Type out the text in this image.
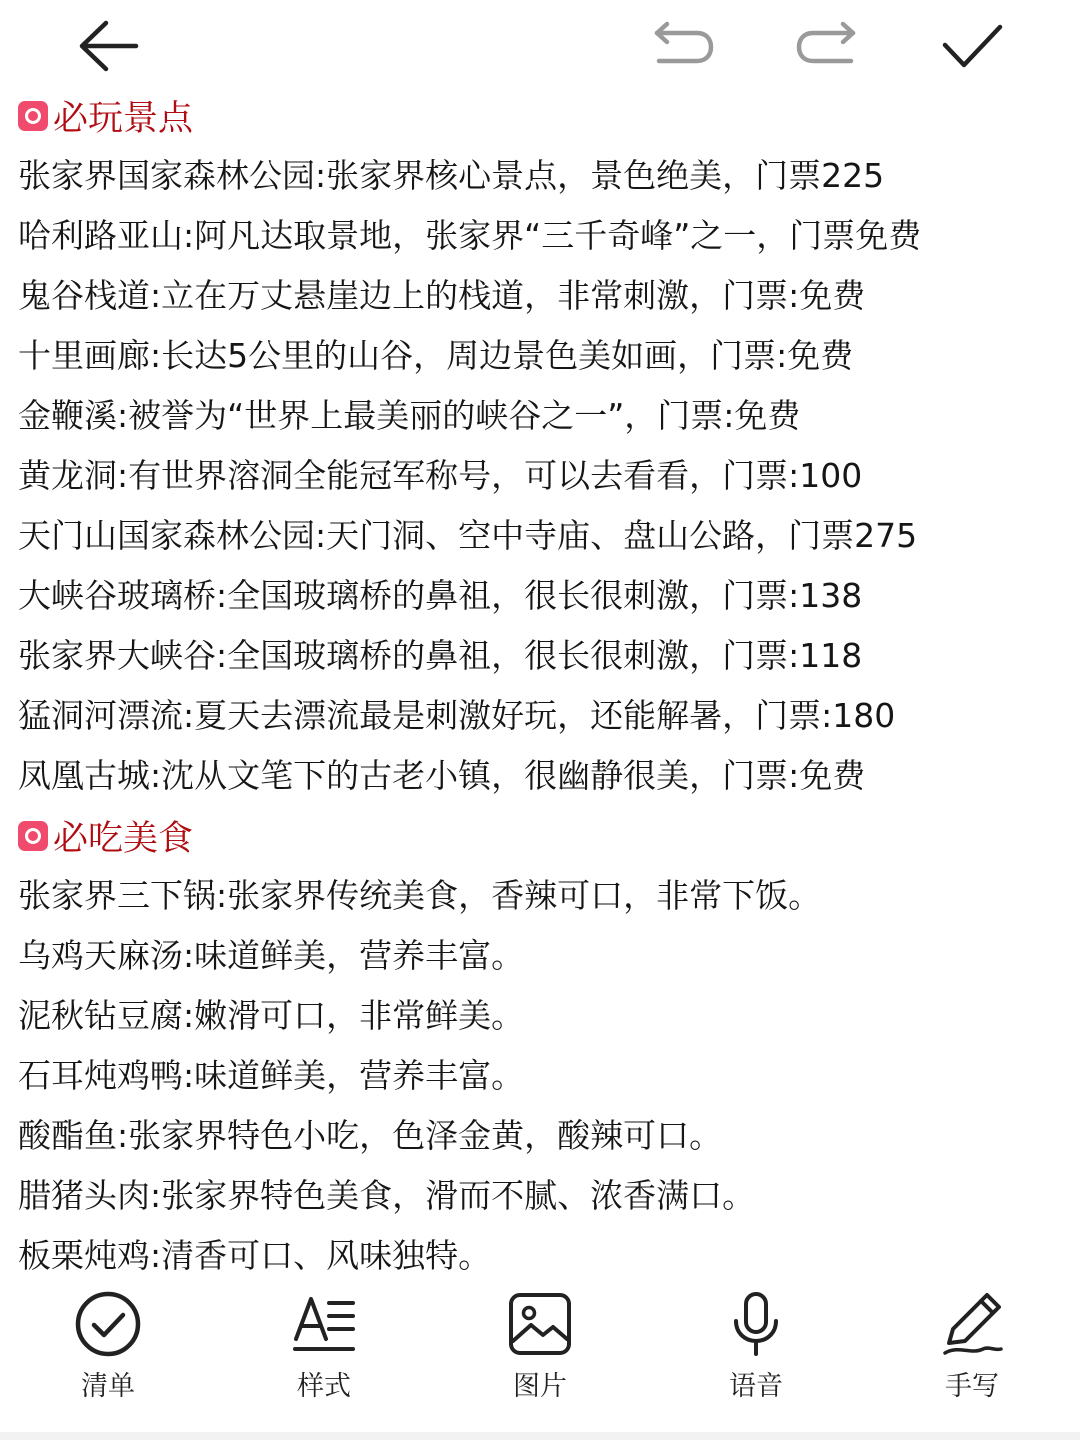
必玩景点
张家界国家森林公园:张家界核心景点，景色绝美，门票225
哈利路亚山:阿凡达取景地，张家界“三千奇峰”之一，门票免费
鬼谷栈道:立在万丈悬崖边上的栈道，非常刺激，门票:免费
十里画廊:长达5公里的山谷，周边景色美如画，门票:免费
金鞭溪:被誉为“世界上最美丽的峡谷之一”，门票:免费
黄龙洞:有世界溶洞全能冠军称号，可以去看看，门票:100
天门山国家森林公园:天门洞、空中寺庙、盘山公路，门票275
大峡谷玻璃桥:全国玻璃桥的鼻祖，很长很刺激，门票:138
张家界大峡谷:全国玻璃桥的鼻祖，很长很刺激，门票:118
猛洞河漂流:夏天去漂流最是刺激好玩，还能解暑，门票:180
凤凰古城:沈从文笔下的古老小镇，很幽静很美，门票:免费
必吃美食
张家界三下锅:张家界传统美食，香辣可口，非常下饭。
乌鸡天麻汤:味道鲜美，营养丰富。
泥秋钻豆腐:嫩滑可口，非常鲜美。
石耳炖鸡鸭:味道鲜美，营养丰富。
酸酯鱼:张家界特色小吃，色泽金黄，酸辣可口。
腊猪头肉:张家界特色美食，滑而不腻、浓香满口。
板栗炖鸡:清香可口、风味独特。
清单	样式	图片	语音	手写
